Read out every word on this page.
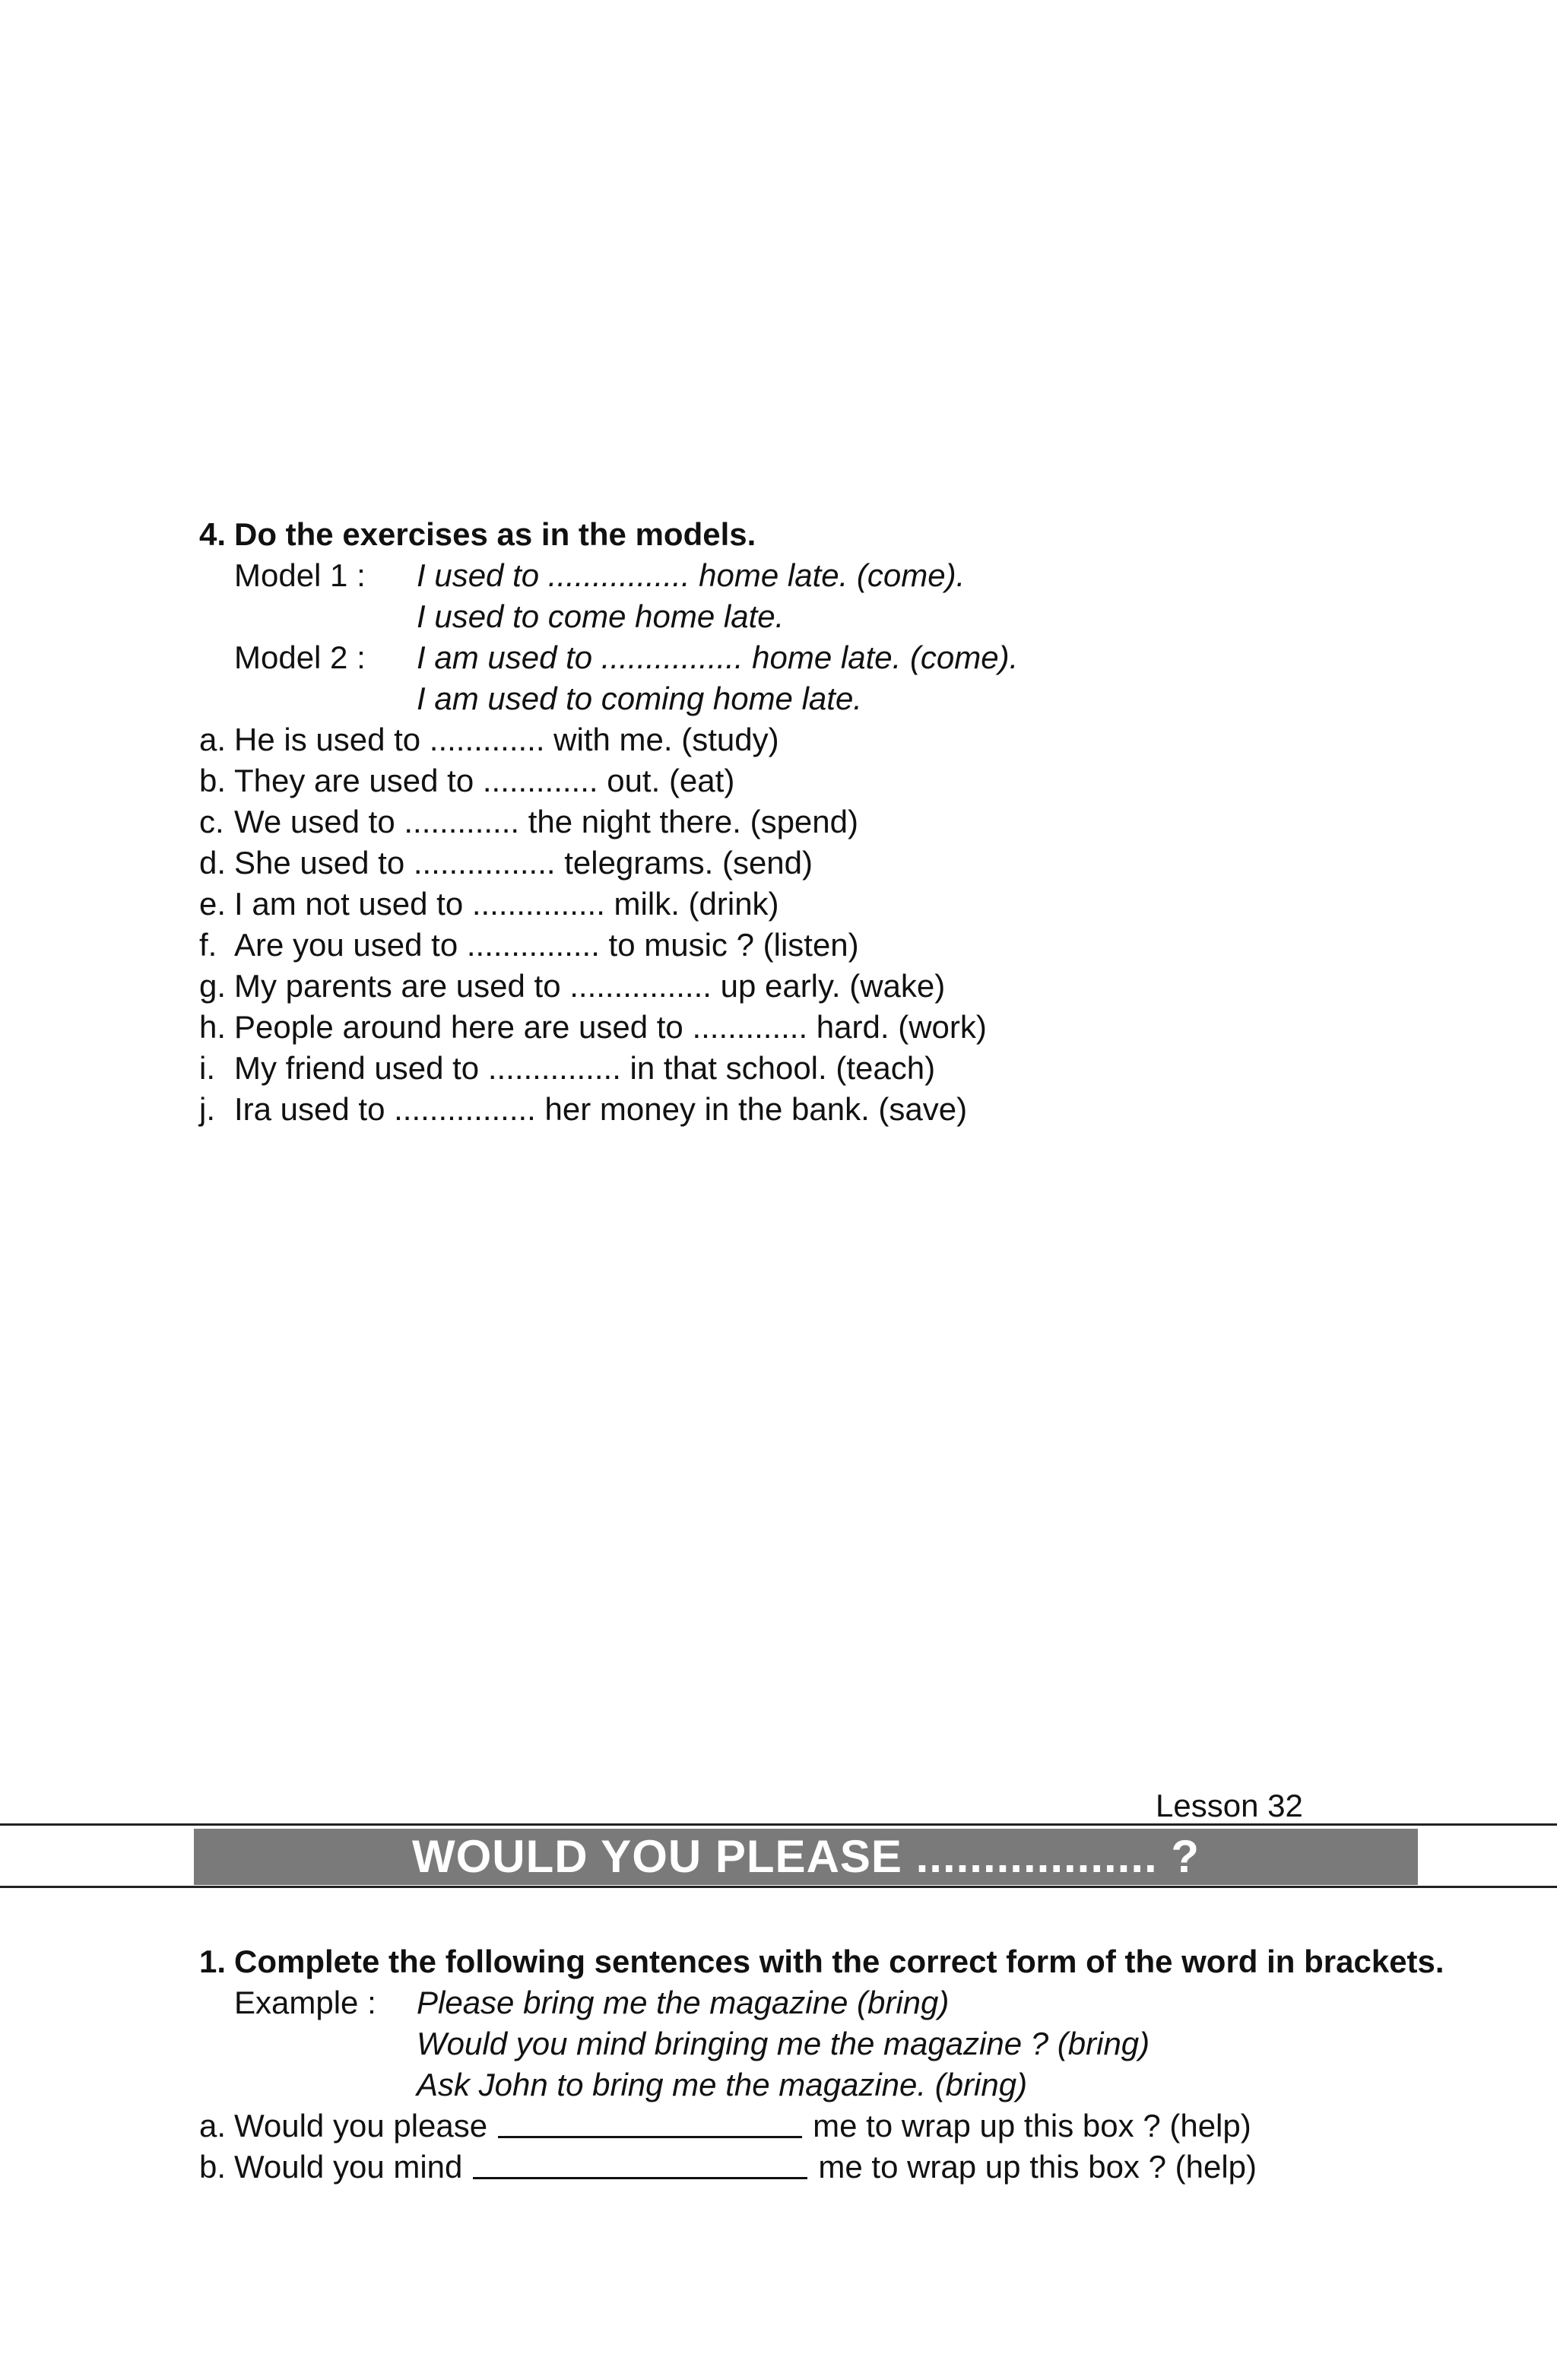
4. Do the exercises as in the models.
Model 1 :	I used to ................ home late. (come).
I used to come home late.
Model 2 :	I am used to ................ home late. (come).
I am used to coming home late.
a. He is used to ............. with me. (study)
b. They are used to ............. out. (eat)
c. We used to ............. the night there. (spend)
d. She used to ................ telegrams. (send)
e. I am not used to ............... milk. (drink)
f. Are you used to ............... to music ? (listen)
g. My parents are used to ................ up early. (wake)
h. People around here are used to ............. hard. (work)
i. My friend used to ............... in that school. (teach)
j. Ira used to ................ her money in the bank. (save)
Lesson 32
WOULD YOU PLEASE .................. ?
1. Complete the following sentences with the correct form of the word in brackets.
Example :	Please bring me the magazine (bring)
Would you mind bringing me the magazine ? (bring)
Ask John to bring me the magazine. (bring)
a. Would you please	me to wrap up this box ? (help)
b. Would you mind	me to wrap up this box ? (help)
